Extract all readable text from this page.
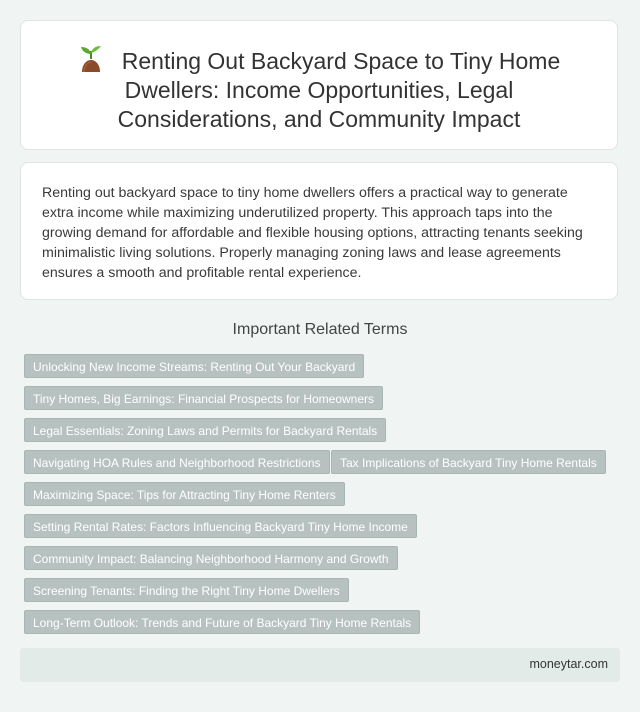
Renting Out Backyard Space to Tiny Home
Dwellers: Income Opportunities, Legal
Considerations, and Community Impact

Renting out backyard space to tiny home dwellers offers a practical way to generate extra income while maximizing underutilized property. This approach taps into the growing demand for affordable and flexible housing options, attracting tenants seeking minimalistic living solutions. Properly managing zoning laws and lease agreements ensures a smooth and profitable rental experience.

Important Related Terms
Unlocking New Income Streams: Renting Out Your Backyard
Tiny Homes, Big Earnings: Financial Prospects for Homeowners
Legal Essentials: Zoning Laws and Permits for Backyard Rentals
Navigating HOA Rules and Neighborhood Restrictions	Tax Implications of Backyard Tiny Home Rentals
Maximizing Space: Tips for Attracting Tiny Home Renters
Setting Rental Rates: Factors Influencing Backyard Tiny Home Income
Community Impact: Balancing Neighborhood Harmony and Growth
Screening Tenants: Finding the Right Tiny Home Dwellers
Long-Term Outlook: Trends and Future of Backyard Tiny Home Rentals
moneytar.com
